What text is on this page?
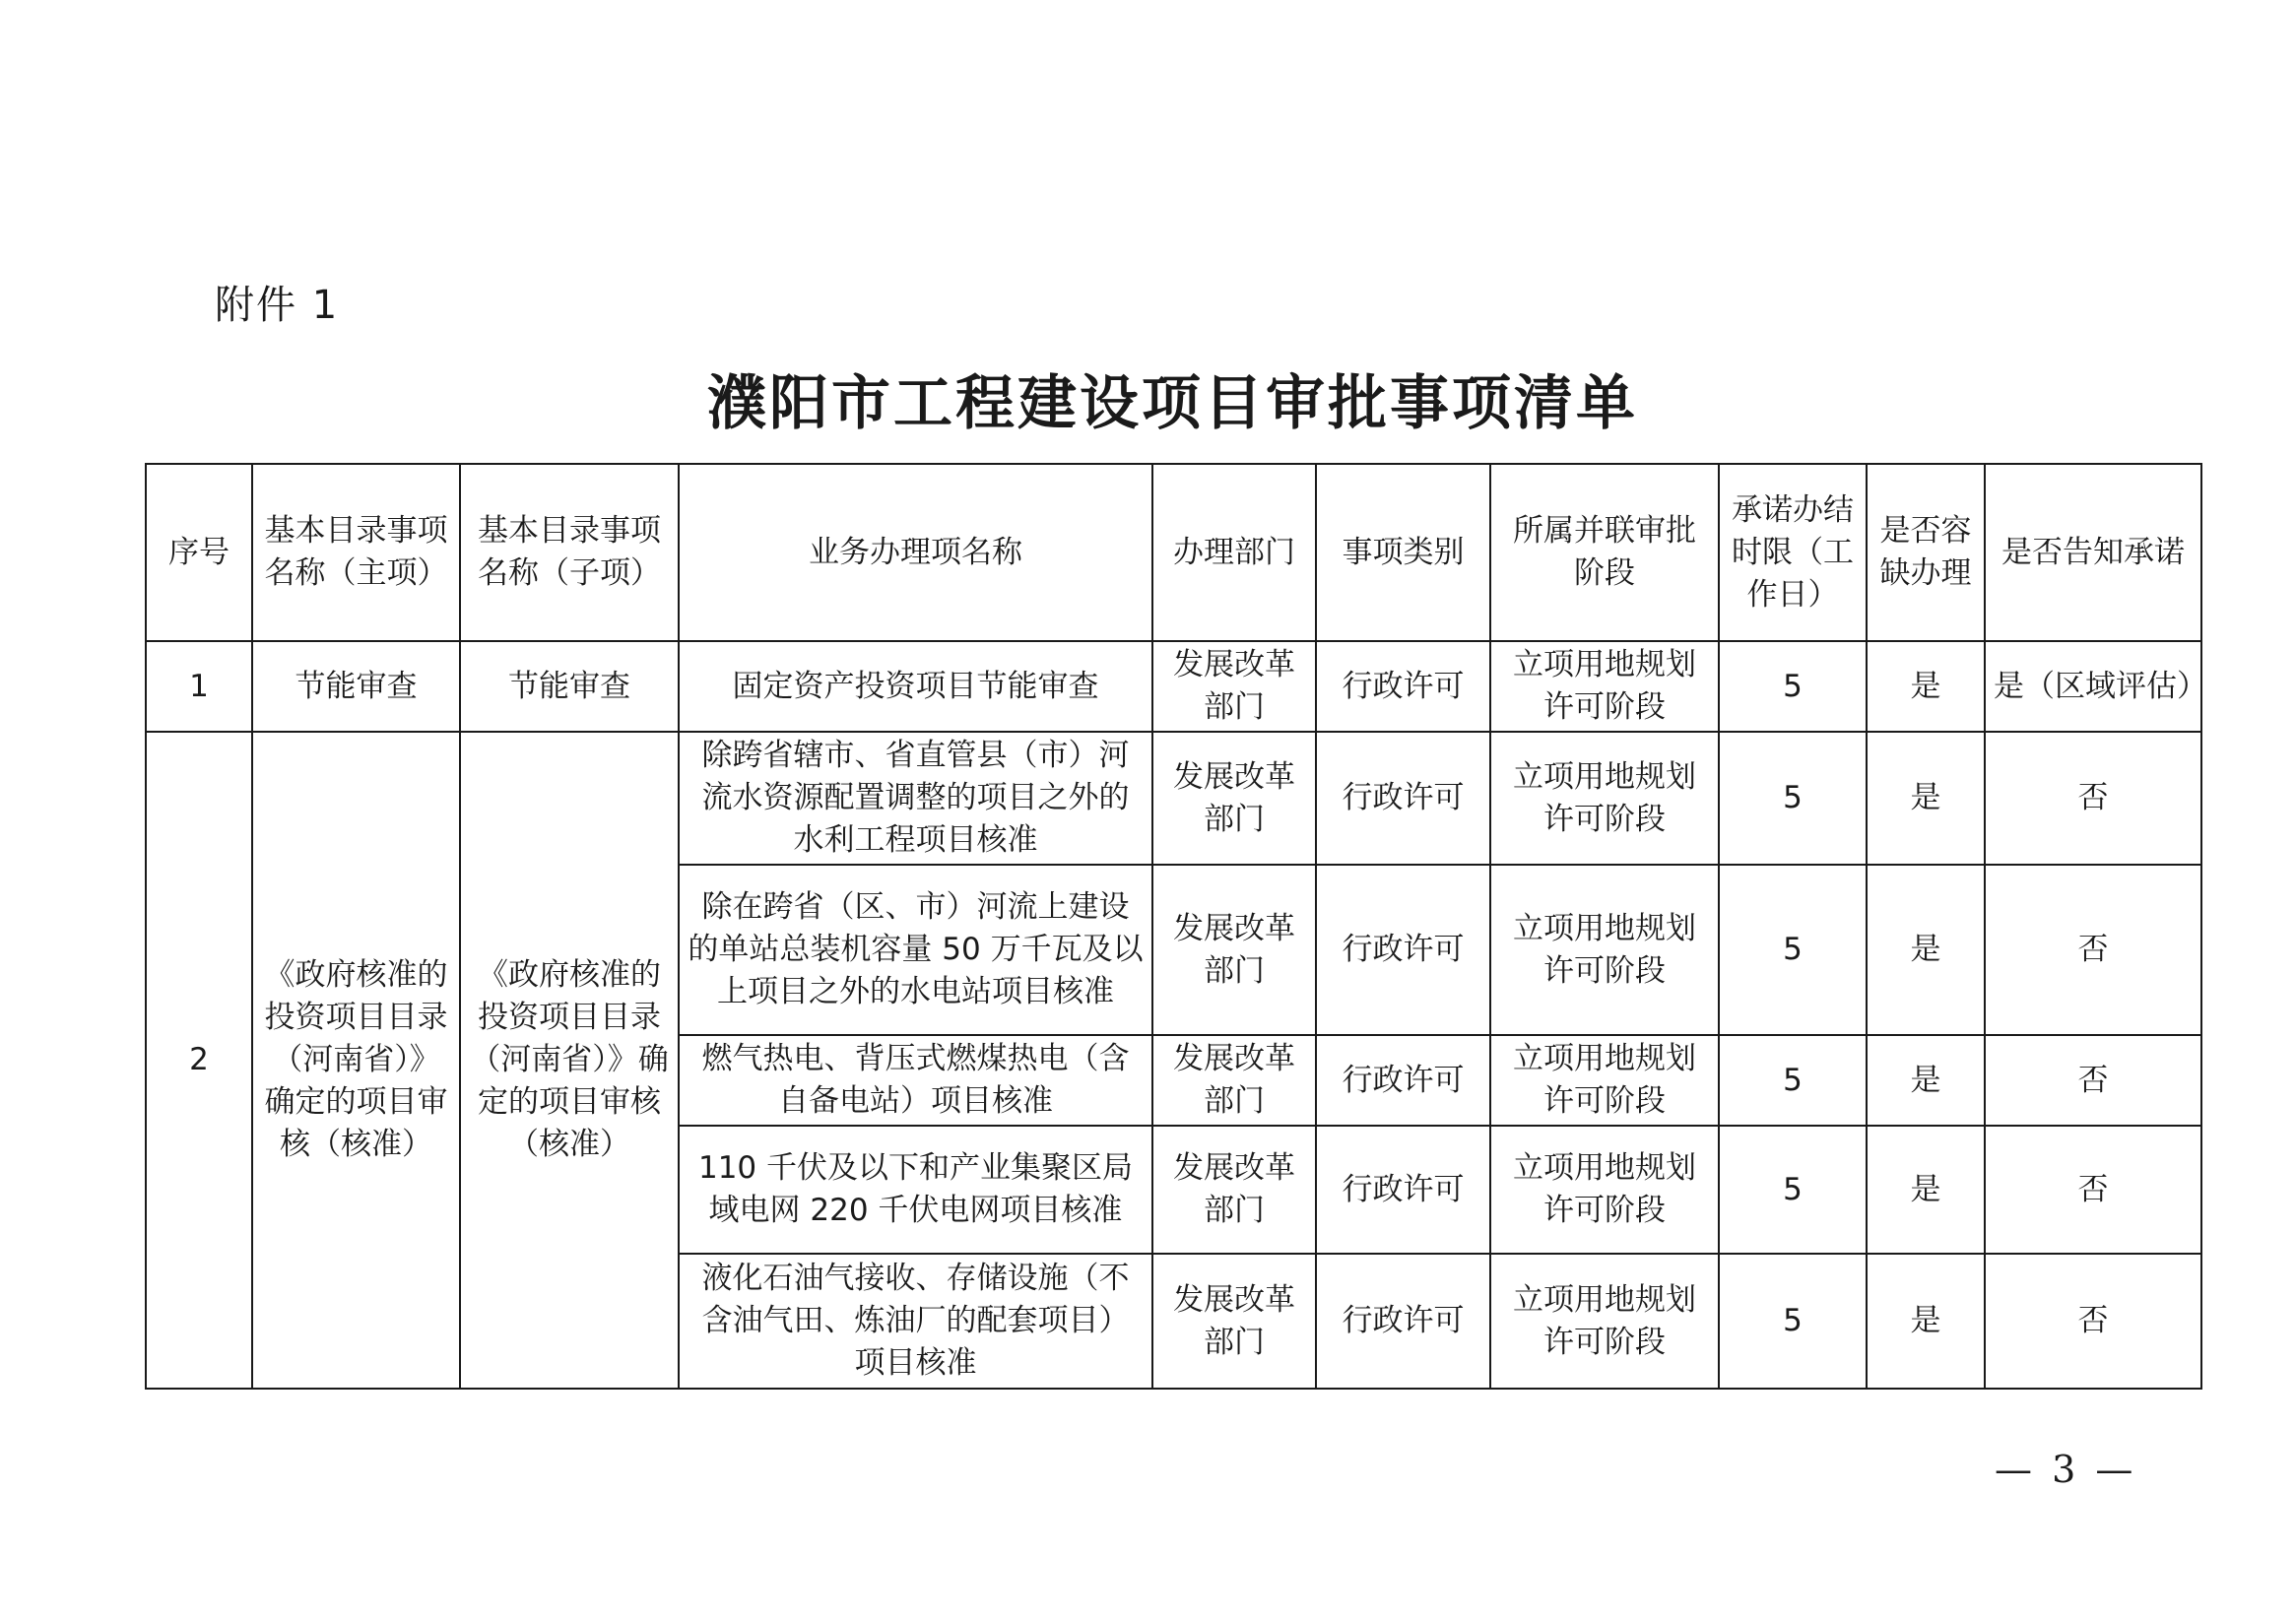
附件 1
濮阳市工程建设项目审批事项清单
序号	基本目录事项名称（主项）	基本目录事项名称（子项）	业务办理项名称	办理部门	事项类别	所属并联审批阶段	承诺办结时限（工作日）	是否容缺办理	是否告知承诺
1	节能审查	节能审查	固定资产投资项目节能审查	发展改革部门	行政许可	立项用地规划许可阶段	5	是	是（区域评估）
2	《政府核准的投资项目目录（河南省）》确定的项目审核（核准）	《政府核准的投资项目目录（河南省）》确定的项目审核（核准）	除跨省辖市、省直管县（市）河流水资源配置调整的项目之外的水利工程项目核准	发展改革部门	行政许可	立项用地规划许可阶段	5	是	否
			除在跨省（区、市）河流上建设的单站总装机容量 50 万千瓦及以上项目之外的水电站项目核准	发展改革部门	行政许可	立项用地规划许可阶段	5	是	否
			燃气热电、背压式燃煤热电（含自备电站）项目核准	发展改革部门	行政许可	立项用地规划许可阶段	5	是	否
			110 千伏及以下和产业集聚区局域电网 220 千伏电网项目核准	发展改革部门	行政许可	立项用地规划许可阶段	5	是	否
			液化石油气接收、存储设施（不含油气田、炼油厂的配套项目）项目核准	发展改革部门	行政许可	立项用地规划许可阶段	5	是	否
— 3 —
